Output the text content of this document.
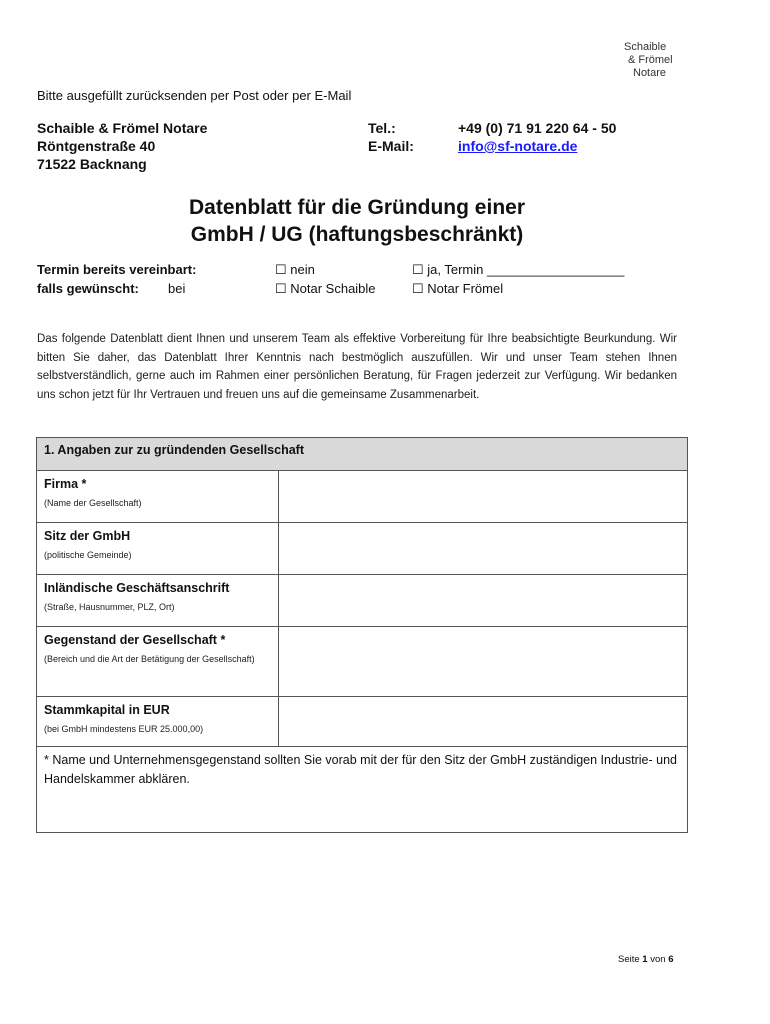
Schaible
& Frömel
Notare
Bitte ausgefüllt zurücksenden per Post oder per E-Mail
Schaible & Frömel Notare
Röntgenstraße 40
71522 Backnang
Tel.:	+49 (0) 71 91 220 64 - 50
E-Mail:	info@sf-notare.de
Datenblatt für die Gründung einer
GmbH / UG (haftungsbeschränkt)
Termin bereits vereinbart:	☐ nein	☐ ja, Termin ___________________
falls gewünscht: bei	☐ Notar Schaible	☐ Notar Frömel
Das folgende Datenblatt dient Ihnen und unserem Team als effektive Vorbereitung für Ihre beabsichtigte Beurkundung. Wir bitten Sie daher, das Datenblatt Ihrer Kenntnis nach bestmöglich auszufüllen. Wir und unser Team stehen Ihnen selbstverständlich, gerne auch im Rahmen einer persönlichen Beratung, für Fragen jederzeit zur Verfügung. Wir bedanken uns schon jetzt für Ihr Vertrauen und freuen uns auf die gemeinsame Zusammenarbeit.
1. Angaben zur zu gründenden Gesellschaft	

Firma *
(Name der Gesellschaft)	

Sitz der GmbH
(politische Gemeinde)	

Inländische Geschäftsanschrift
(Straße, Hausnummer, PLZ, Ort)	

Gegenstand der Gesellschaft *
(Bereich und die Art der Betätigung der Gesellschaft)	

Stammkapital in EUR
(bei GmbH mindestens EUR 25.000,00)	

* Name und Unternehmensgegenstand sollten Sie vorab mit der für den Sitz der GmbH zuständigen Industrie- und Handelskammer abklären.	
Seite 1 von 6
